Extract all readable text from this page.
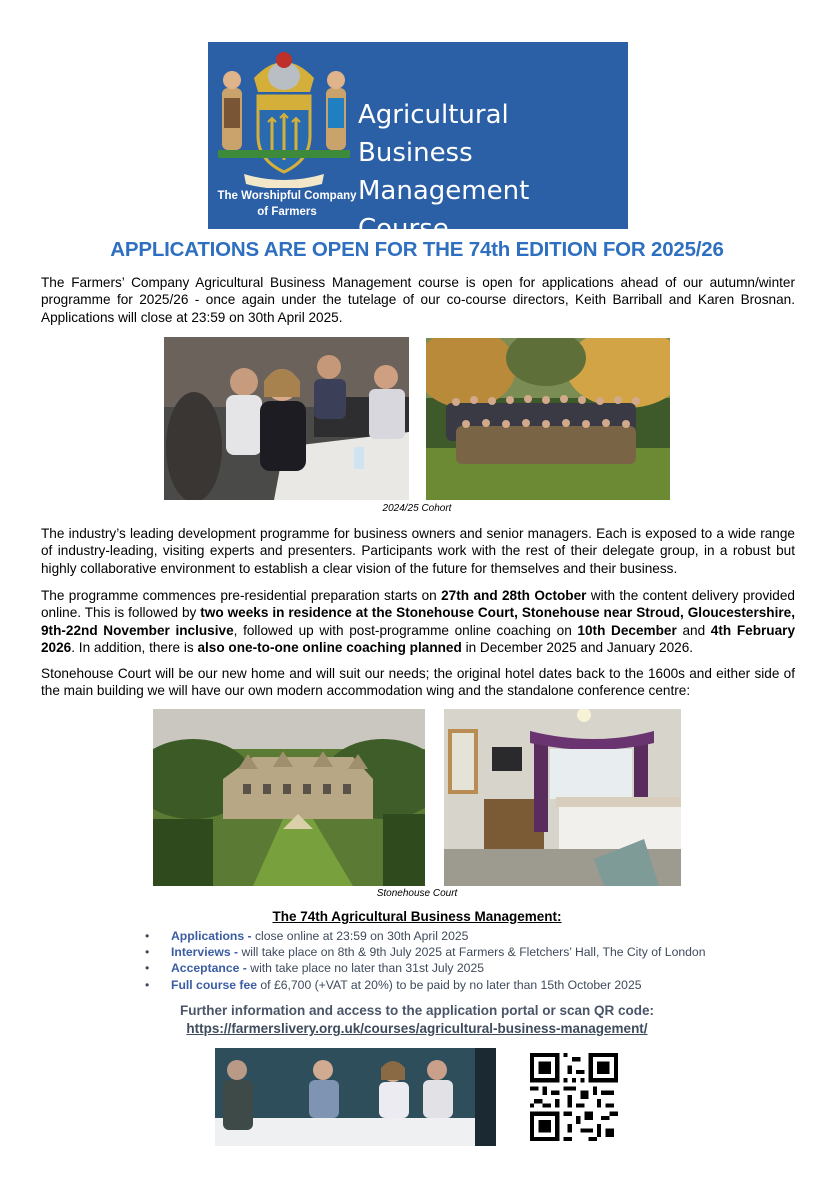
Agricultural Business Management Course
The Worshipful Company of Farmers
APPLICATIONS ARE OPEN FOR THE 74th EDITION FOR 2025/26
The Farmers’ Company Agricultural Business Management course is open for applications ahead of our autumn/winter programme for 2025/26 - once again under the tutelage of our co-course directors, Keith Barriball and Karen Brosnan. Applications will close at 23:59 on 30th April 2025.
2024/25 Cohort
The industry’s leading development programme for business owners and senior managers. Each is exposed to a wide range of industry-leading, visiting experts and presenters. Participants work with the rest of their delegate group, in a robust but highly collaborative environment to establish a clear vision of the future for themselves and their business.
The programme commences pre-residential preparation starts on 27th and 28th October with the content delivery provided online. This is followed by two weeks in residence at the Stonehouse Court, Stonehouse near Stroud, Gloucestershire, 9th-22nd November inclusive, followed up with post-programme online coaching on 10th December and 4th February 2026. In addition, there is also one-to-one online coaching planned in December 2025 and January 2026.
Stonehouse Court will be our new home and will suit our needs; the original hotel dates back to the 1600s and either side of the main building we will have our own modern accommodation wing and the standalone conference centre:
Stonehouse Court
The 74th Agricultural Business Management:
• Applications - close online at 23:59 on 30th April 2025
• Interviews - will take place on 8th & 9th July 2025 at Farmers & Fletchers’ Hall, The City of London
• Acceptance - with take place no later than 31st July 2025
• Full course fee of £6,700 (+VAT at 20%) to be paid by no later than 15th October 2025
Further information and access to the application portal or scan QR code:
https://farmerslivery.org.uk/courses/agricultural-business-management/
